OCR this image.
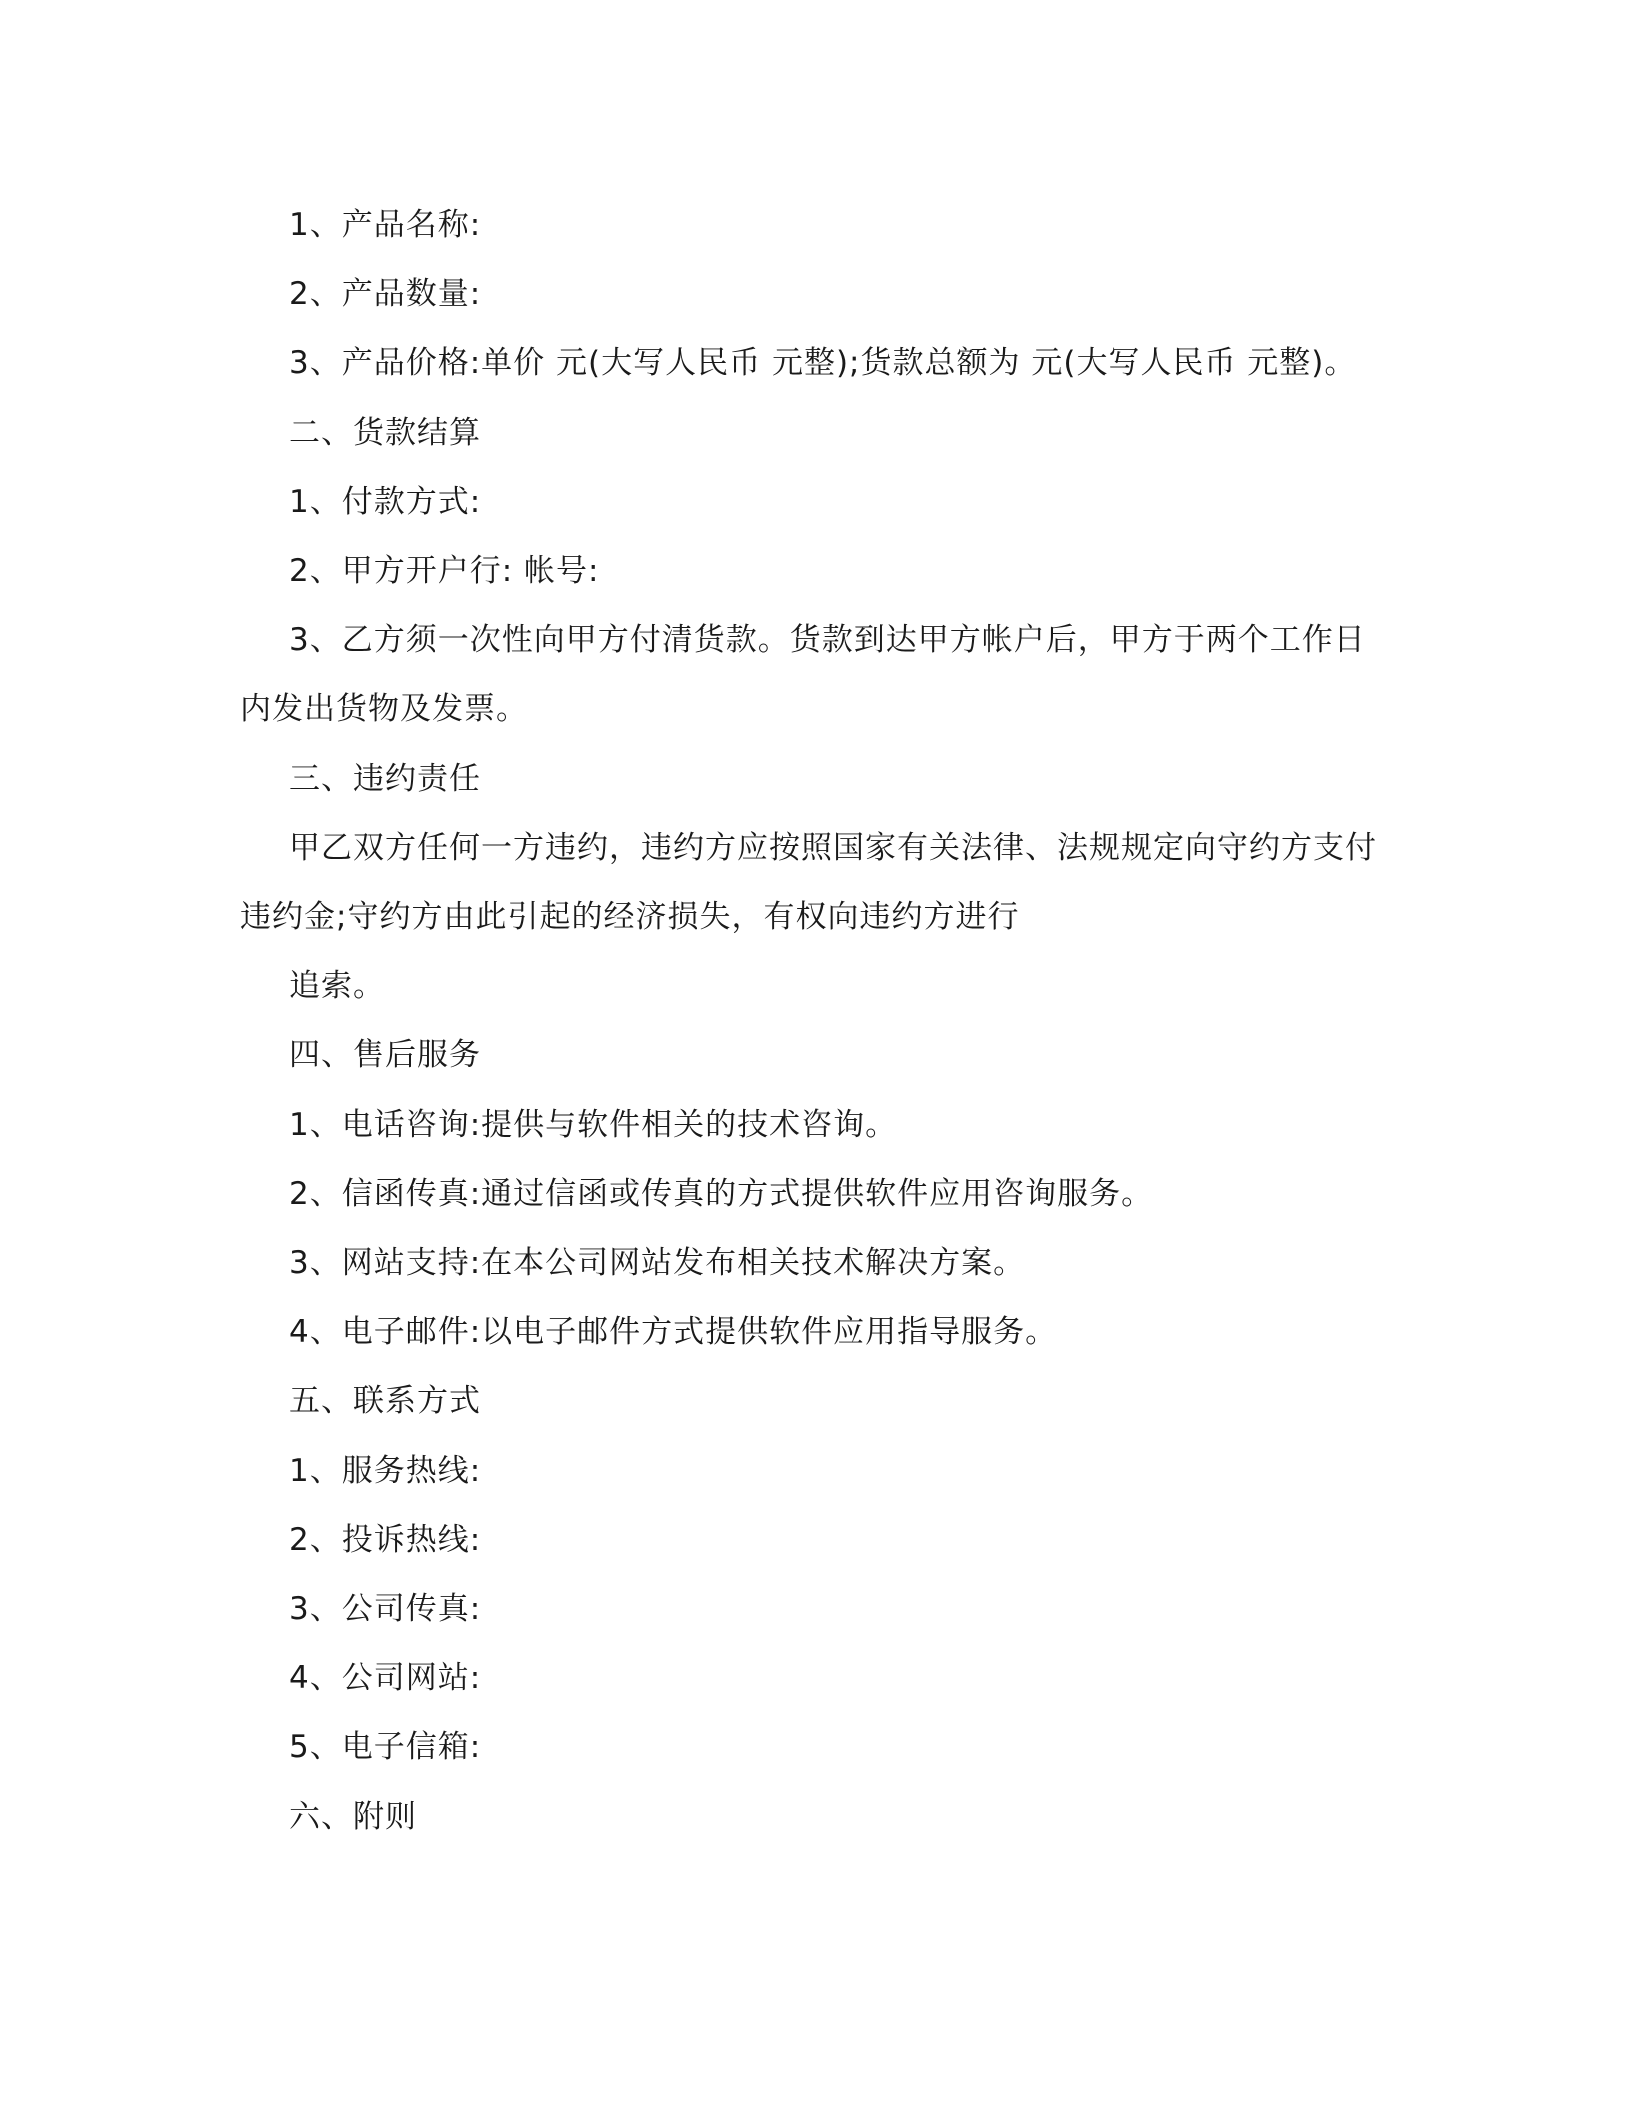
1、产品名称:
2、产品数量:
3、产品价格:单价 元(大写人民币 元整);货款总额为 元(大写人民币 元整)。
二、货款结算
1、付款方式:
2、甲方开户行: 帐号:
3、乙方须一次性向甲方付清货款。货款到达甲方帐户后，甲方于两个工作日
内发出货物及发票。
三、违约责任
甲乙双方任何一方违约，违约方应按照国家有关法律、法规规定向守约方支付
违约金;守约方由此引起的经济损失，有权向违约方进行
追索。
四、售后服务
1、电话咨询:提供与软件相关的技术咨询。
2、信函传真:通过信函或传真的方式提供软件应用咨询服务。
3、网站支持:在本公司网站发布相关技术解决方案。
4、电子邮件:以电子邮件方式提供软件应用指导服务。
五、联系方式
1、服务热线:
2、投诉热线:
3、公司传真:
4、公司网站:
5、电子信箱:
六、附则
